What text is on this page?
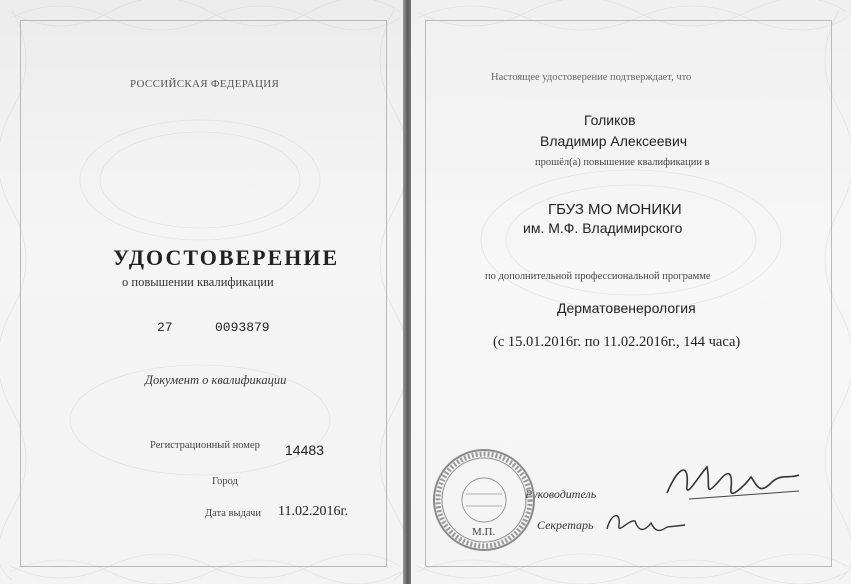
РОССИЙСКАЯ ФЕДЕРАЦИЯ
УДОСТОВЕРЕНИЕ
о повышении квалификации
27	0093879
Документ о квалификации
Регистрационный номер 14483
Город
Дата выдачи 11.02.2016г.
Настоящее удостоверение подтверждает, что
Голиков
Владимир Алексеевич
прошёл(а) повышение квалификации в
ГБУЗ МО МОНИКИ
им. М.Ф. Владимирского
по дополнительной профессиональной программе
Дерматовенерология
(с 15.01.2016г. по 11.02.2016г., 144 часа)
Руководитель
Секретарь
М.П.
